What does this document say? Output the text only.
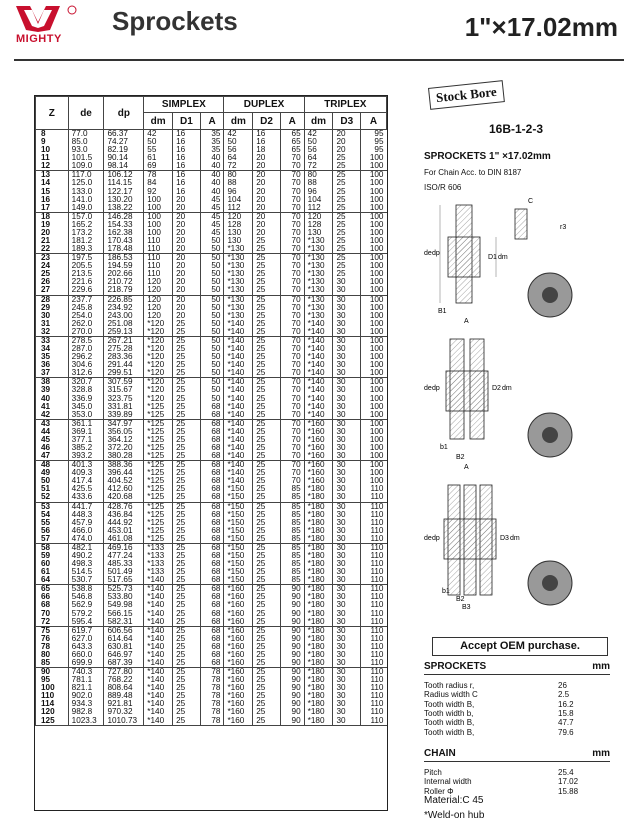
MIGHTY
Sprockets	1"×17.02mm
Z	de	dp	SIMPLEX			DUPLEX			TRIPLEX		
			dm	D1	A	dm	D2	A	dm	D3	A
8	77.0	66.37	42	16	35	42	16	65	42	20	95
9	85.0	74.27	50	16	35	50	16	65	50	20	95
10	93.0	82.19	55	16	35	56	18	65	56	20	95
11	101.5	90.14	61	16	40	64	20	70	64	25	100
12	109.0	98.14	69	16	40	72	20	70	72	25	100
13	117.0	106.12	78	16	40	80	20	70	80	25	100
14	125.0	114.15	84	16	40	88	20	70	88	25	100
15	133.0	122.17	92	16	40	96	20	70	96	25	100
16	141.0	130.20	100	20	45	104	20	70	104	25	100
17	149.0	138.22	100	20	45	112	20	70	112	25	100
18	157.0	146.28	100	20	45	120	20	70	120	25	100
19	165.2	154.33	100	20	45	128	20	70	128	25	100
20	173.2	162.38	100	20	45	130	20	70	130	25	100
21	181.2	170.43	110	20	50	130	25	70	*130	25	100
22	189.3	178.48	110	20	50	*130	25	70	*130	25	100
23	197.5	186.53	110	20	50	*130	25	70	*130	25	100
24	205.5	194.59	110	20	50	*130	25	70	*130	25	100
25	213.5	202.66	110	20	50	*130	25	70	*130	25	100
26	221.6	210.72	120	20	50	*130	25	70	*130	30	100
27	229.6	218.79	120	20	50	*130	25	70	*130	30	100
28	237.7	226.85	120	20	50	*130	25	70	*130	30	100
29	245.8	234.92	120	20	50	*130	25	70	*130	30	100
30	254.0	243.00	120	20	50	*130	25	70	*130	30	100
31	262.0	251.08	*120	25	50	*140	25	70	*140	30	100
32	270.0	259.13	*120	25	50	*140	25	70	*140	30	100
33	278.5	267.21	*120	25	50	*140	25	70	*140	30	100
34	287.0	275.28	*120	25	50	*140	25	70	*140	30	100
35	296.2	283.36	*120	25	50	*140	25	70	*140	30	100
36	304.6	291.44	*120	25	50	*140	25	70	*140	30	100
37	312.6	299.51	*120	25	50	*140	25	70	*140	30	100
38	320.7	307.59	*120	25	50	*140	25	70	*140	30	100
39	328.8	315.67	*120	25	50	*140	25	70	*140	30	100
40	336.9	323.75	*120	25	50	*140	25	70	*140	30	100
41	345.0	331.81	*125	25	68	*140	25	70	*140	30	100
42	353.0	339.89	*125	25	68	*140	25	70	*140	30	100
43	361.1	347.97	*125	25	68	*140	25	70	*160	30	100
44	369.1	356.05	*125	25	68	*140	25	70	*160	30	100
45	377.1	364.12	*125	25	68	*140	25	70	*160	30	100
46	385.2	372.20	*125	25	68	*140	25	70	*160	30	100
47	393.2	380.28	*125	25	68	*140	25	70	*160	30	100
48	401.3	388.36	*125	25	68	*140	25	70	*160	30	100
49	409.3	396.44	*125	25	68	*140	25	70	*160	30	100
50	417.4	404.52	*125	25	68	*140	25	70	*160	30	100
51	425.5	412.60	*125	25	68	*150	25	85	*180	30	110
52	433.6	420.68	*125	25	68	*150	25	85	*180	30	110
53	441.7	428.76	*125	25	68	*150	25	85	*180	30	110
54	448.3	436.84	*125	25	68	*150	25	85	*180	30	110
55	457.9	444.92	*125	25	68	*150	25	85	*180	30	110
56	466.0	453.01	*125	25	68	*150	25	85	*180	30	110
57	474.0	461.08	*125	25	68	*150	25	85	*180	30	110
58	482.1	469.16	*133	25	68	*150	25	85	*180	30	110
59	490.2	477.24	*133	25	68	*150	25	85	*180	30	110
60	498.3	485.33	*133	25	68	*150	25	85	*180	30	110
61	514.5	501.49	*133	25	68	*150	25	85	*180	30	110
64	530.7	517.65	*140	25	68	*150	25	85	*180	30	110
65	538.8	525.73	*140	25	68	*160	25	90	*180	30	110
66	546.8	533.80	*140	25	68	*160	25	90	*180	30	110
68	562.9	549.98	*140	25	68	*160	25	90	*180	30	110
70	579.2	566.15	*140	25	68	*160	25	90	*180	30	110
72	595.4	582.31	*140	25	68	*160	25	90	*180	30	110
75	619.7	606.56	*140	25	68	*160	25	90	*180	30	110
76	627.0	614.64	*140	25	68	*160	25	90	*180	30	110
78	643.3	630.81	*140	25	68	*160	25	90	*180	30	110
80	660.0	646.97	*140	25	68	*160	25	90	*180	30	110
85	699.9	687.39	*140	25	68	*160	25	90	*180	30	110
90	740.3	727.80	*140	25	78	*160	25	90	*180	30	110
95	781.1	768.22	*140	25	78	*160	25	90	*180	30	110
100	821.1	808.64	*140	25	78	*160	25	90	*180	30	110
110	902.0	889.48	*140	25	78	*160	25	90	*180	30	110
114	934.3	921.81	*140	25	78	*160	25	90	*180	30	110
120	982.8	970.32	*140	25	78	*160	25	90	*180	30	110
125	1023.3	1010.73	*140	25	78	*160	25	90	*180	30	110
Stock Bore
16B-1-2-3
SPROCKETS 1" ×17.02mm
For Chain Acc. to DIN 8187
ISO/R 606
C
r3
B1
A
de dp
D1 dm
de dp	D2 dm
b1
B2
A
de dp	D3 dm
b1
B2
B3
Accept OEM purchase.
SPROCKETS	mm
Tooth radius r,	26
Radius width C	2.5
Tooth width B,	16.2
Tooth width b,	15.8
Tooth width B,	47.7
Tooth width B,	79.6
CHAIN	mm
Pitch	25.4
Internal width	17.02
Roller Φ	15.88
Material:C 45
*Weld-on hub
